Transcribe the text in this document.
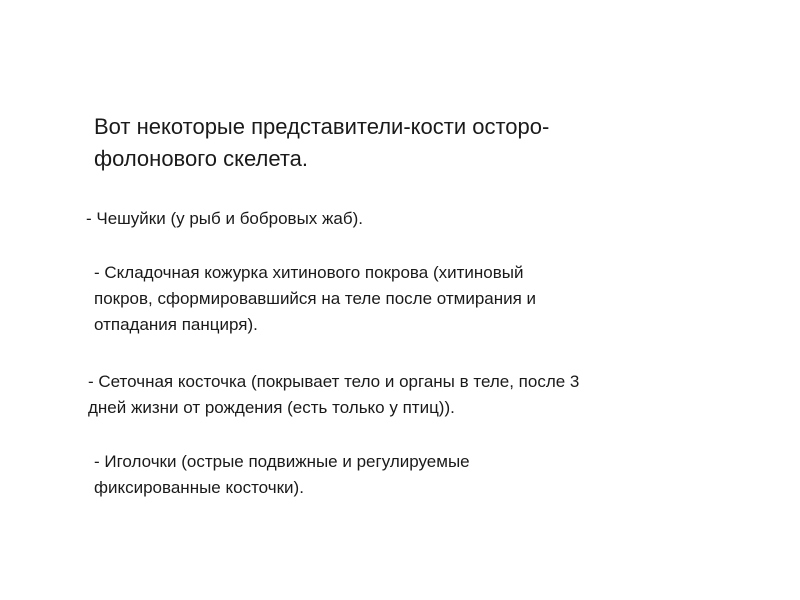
Вот некоторые представители-кости осторо-
фолонового скелета.

- Чешуйки (у рыб и бобровых жаб).

- Складочная кожурка хитинового покрова (хитиновый
покров, сформировавшийся на теле после отмирания и
отпадания панциря).

- Сеточная косточка (покрывает тело и органы в теле, после 3
дней жизни от рождения (есть только у птиц)).

- Иголочки (острые подвижные и регулируемые
фиксированные косточки).
